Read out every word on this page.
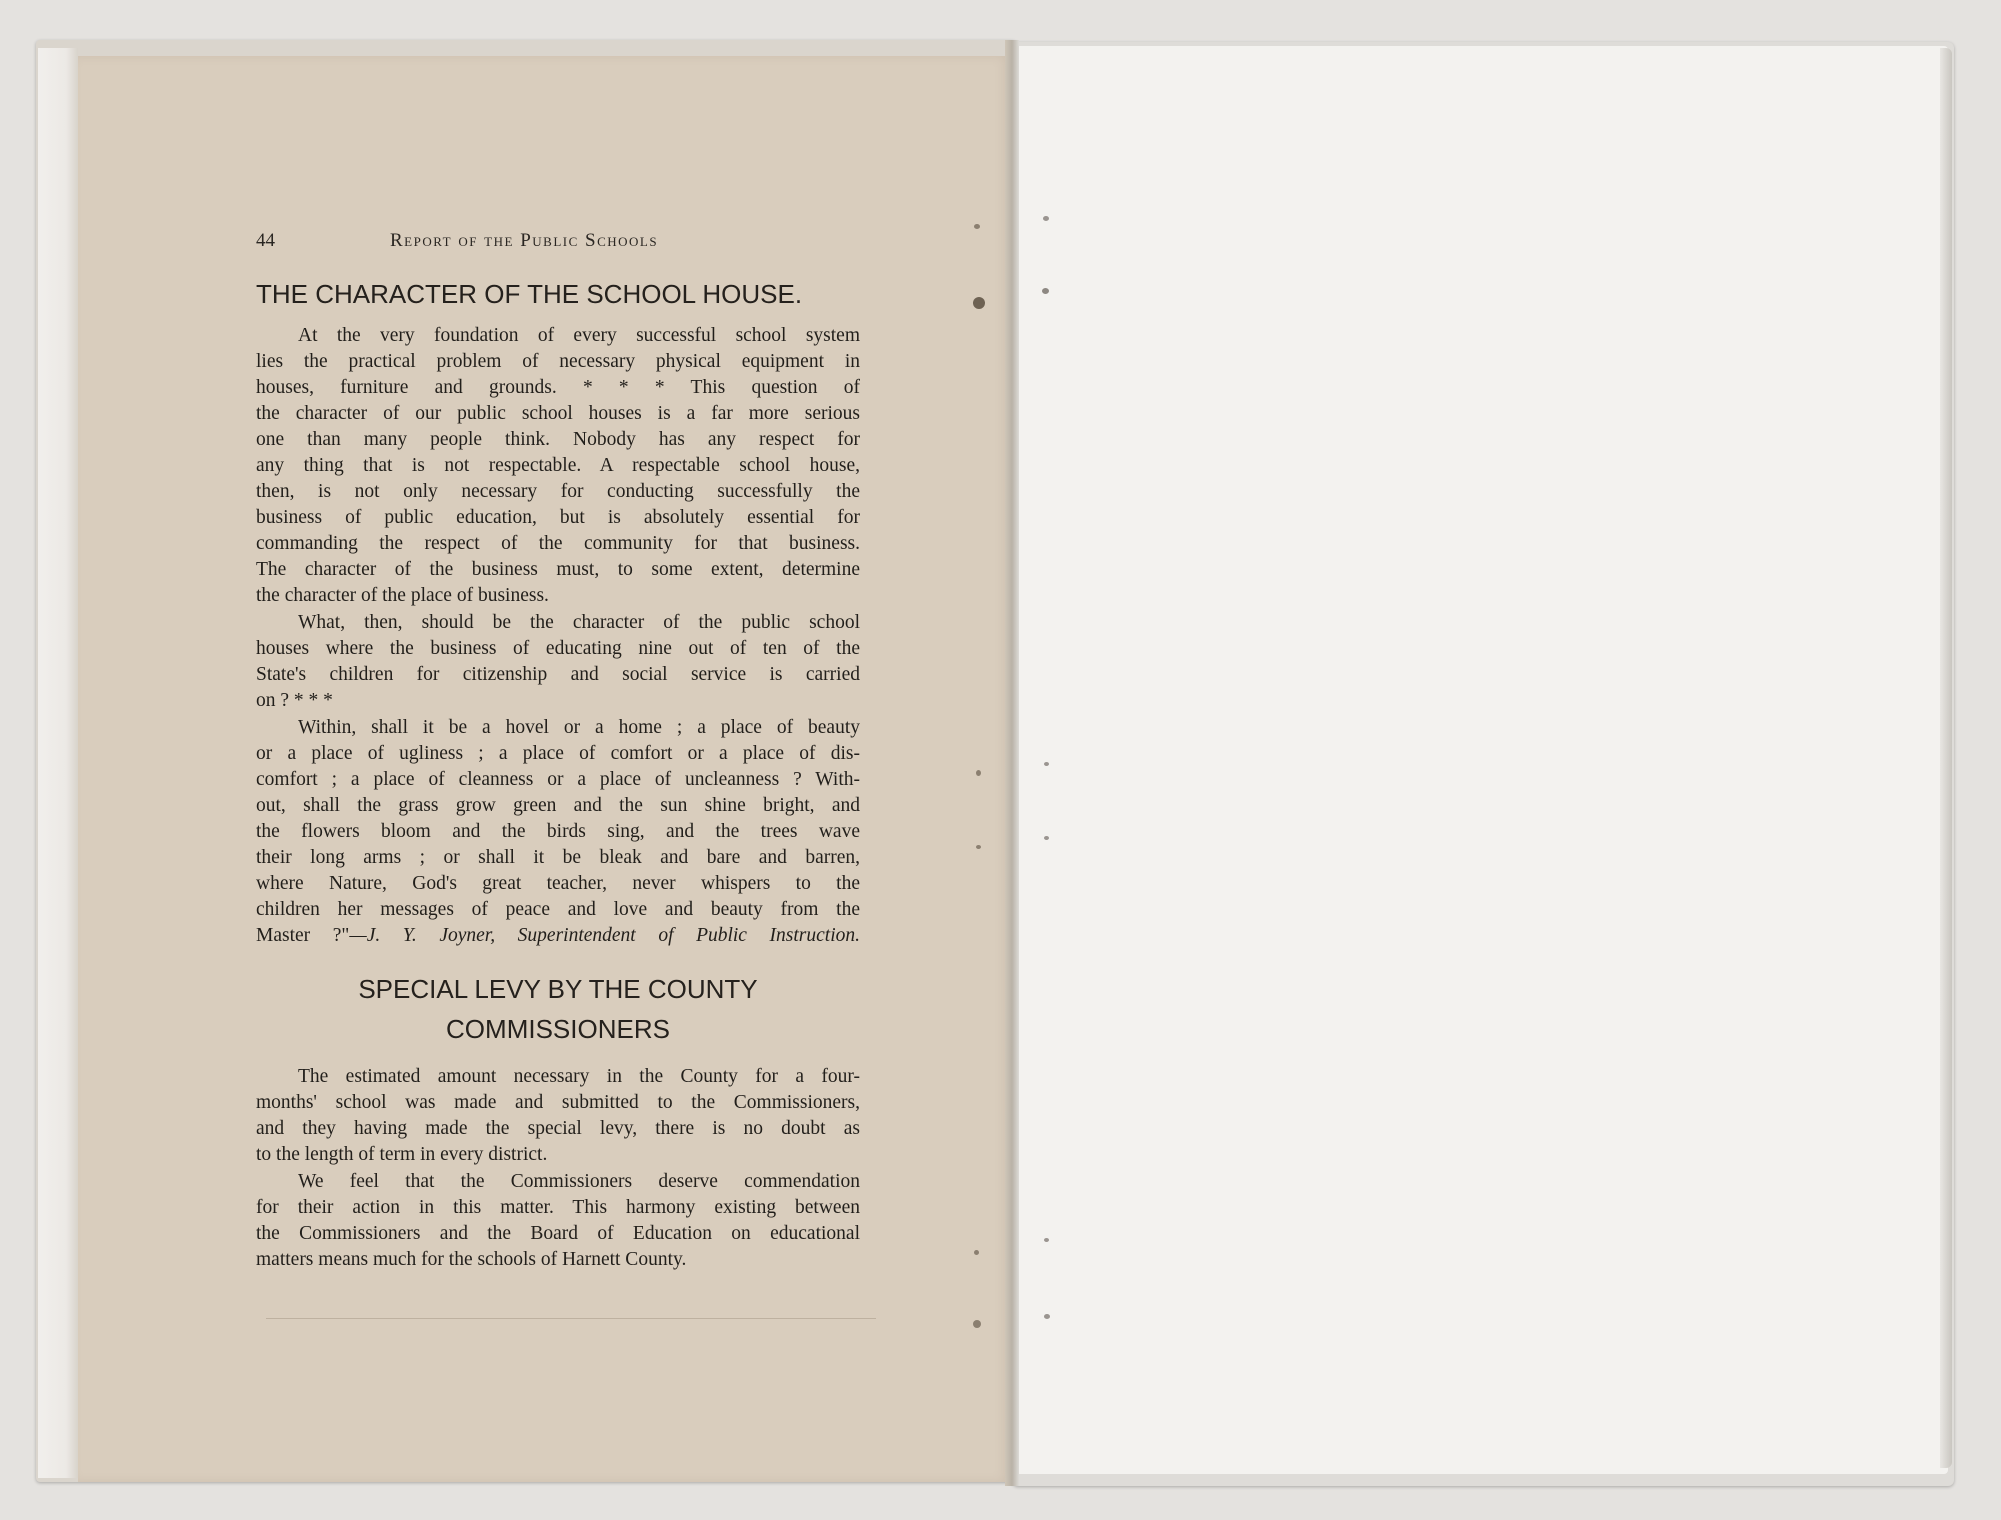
44	Report of the Public Schools
THE CHARACTER OF THE SCHOOL HOUSE.
At the very foundation of every successful school system
lies the practical problem of necessary physical equipment in
houses, furniture and grounds. * * * This question of
the character of our public school houses is a far more serious
one than many people think. Nobody has any respect for
any thing that is not respectable. A respectable school house,
then, is not only necessary for conducting successfully the
business of public education, but is absolutely essential for
commanding the respect of the community for that business.
The character of the business must, to some extent, determine
the character of the place of business.
What, then, should be the character of the public school
houses where the business of educating nine out of ten of the
State's children for citizenship and social service is carried
on ? * * *
Within, shall it be a hovel or a home ; a place of beauty
or a place of ugliness ; a place of comfort or a place of dis-
comfort ; a place of cleanness or a place of uncleanness ? With-
out, shall the grass grow green and the sun shine bright, and
the flowers bloom and the birds sing, and the trees wave
their long arms ; or shall it be bleak and bare and barren,
where Nature, God's great teacher, never whispers to the
children her messages of peace and love and beauty from the
Master ?"—J. Y. Joyner, Superintendent of Public Instruction.
SPECIAL LEVY BY THE COUNTY
COMMISSIONERS
The estimated amount necessary in the County for a four-
months' school was made and submitted to the Commissioners,
and they having made the special levy, there is no doubt as
to the length of term in every district.
We feel that the Commissioners deserve commendation
for their action in this matter. This harmony existing between
the Commissioners and the Board of Education on educational
matters means much for the schools of Harnett County.
